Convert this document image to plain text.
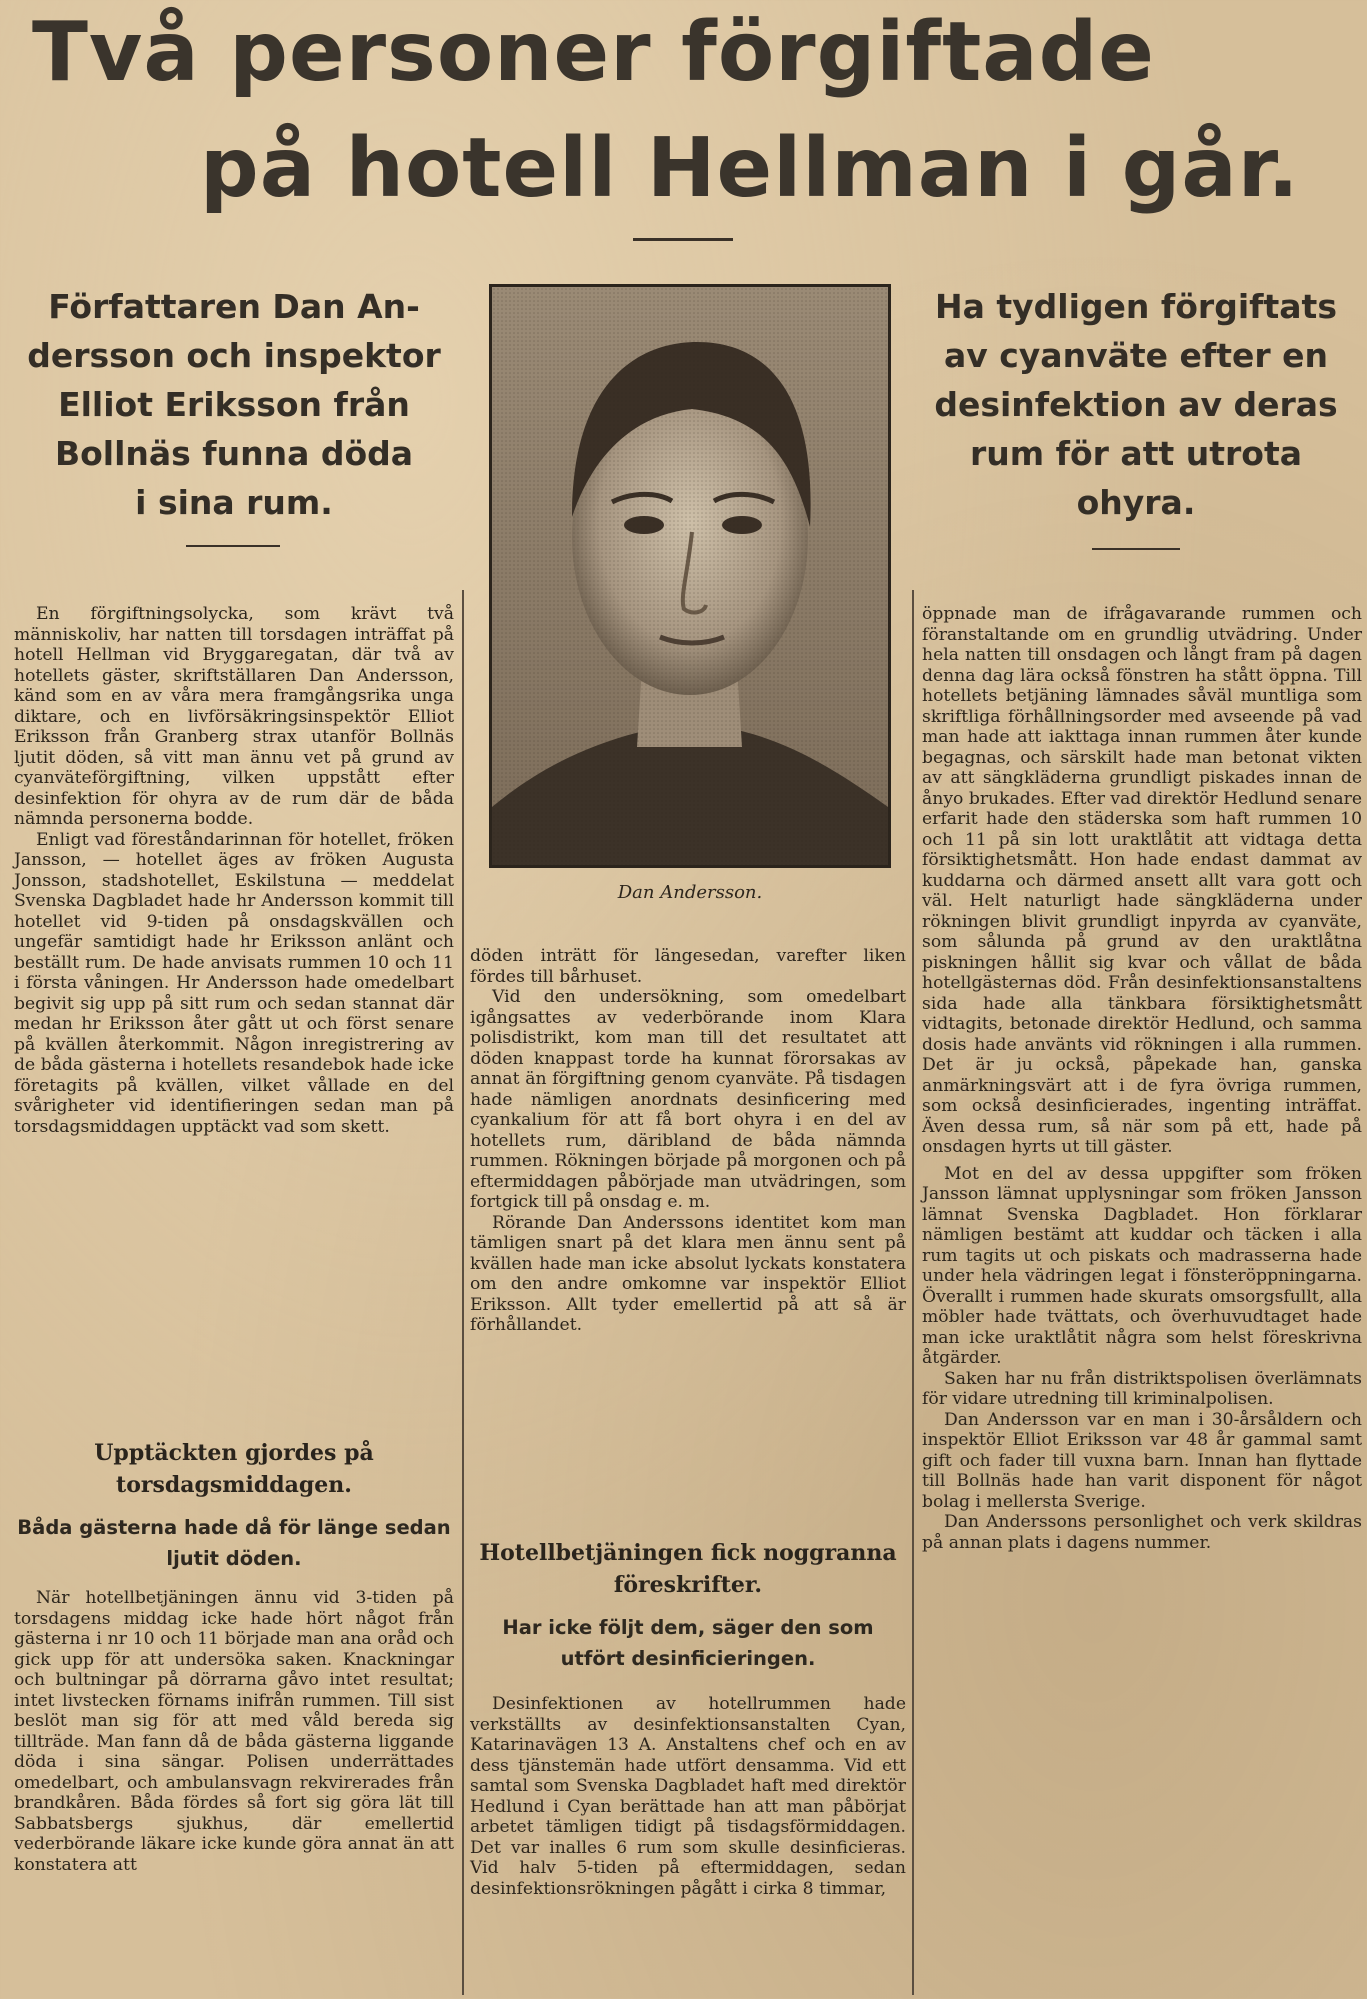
Två personer förgiftade
på hotell Hellman i går.
Författaren Dan An-
dersson och inspektor
Elliot Eriksson från
Bollnäs funna döda
i sina rum.
Ha tydligen förgiftats
av cyanväte efter en
desinfektion av deras
rum för att utrota
ohyra.
Dan Andersson.

En förgiftningsolycka, som krävt två människoliv, har natten till torsdagen inträffat på hotell Hellman vid Bryggaregatan, där två av hotellets gäster, skriftställaren Dan Andersson, känd som en av våra mera framgångsrika unga diktare, och en livförsäkringsinspektör Elliot Eriksson från Granberg strax utanför Bollnäs ljutit döden, så vitt man ännu vet på grund av cyanväteförgiftning, vilken uppstått efter desinfektion för ohyra av de rum där de båda nämnda personerna bodde.

Enligt vad föreståndarinnan för hotellet, fröken Jansson, — hotellet äges av fröken Augusta Jonsson, stadshotellet, Eskilstuna — meddelat Svenska Dagbladet hade hr Andersson kommit till hotellet vid 9-tiden på onsdagskvällen och ungefär samtidigt hade hr Eriksson anlänt och beställt rum. De hade anvisats rummen 10 och 11 i första våningen. Hr Andersson hade omedelbart begivit sig upp på sitt rum och sedan stannat där medan hr Eriksson åter gått ut och först senare på kvällen återkommit. Någon inregistrering av de båda gästerna i hotellets resandebok hade icke företagits på kvällen, vilket vållade en del svårigheter vid identifieringen sedan man på torsdagsmiddagen upptäckt vad som skett.

Upptäckten gjordes på torsdagsmiddagen.
Båda gästerna hade då för länge sedan ljutit döden.

När hotellbetjäningen ännu vid 3-tiden på torsdagens middag icke hade hört något från gästerna i nr 10 och 11 började man ana oråd och gick upp för att undersöka saken. Knackningar och bultningar på dörrarna gåvo intet resultat; intet livstecken förnams inifrån rummen. Till sist beslöt man sig för att med våld bereda sig tillträde. Man fann då de båda gästerna liggande döda i sina sängar. Polisen underrättades omedelbart, och ambulansvagn rekvirerades från brandkåren. Båda fördes så fort sig göra lät till Sabbatsbergs sjukhus, där emellertid vederbörande läkare icke kunde göra annat än att konstatera att

döden inträtt för längesedan, varefter liken fördes till bårhuset.

Vid den undersökning, som omedelbart igångsattes av vederbörande inom Klara polisdistrikt, kom man till det resultatet att döden knappast torde ha kunnat förorsakas av annat än förgiftning genom cyanväte. På tisdagen hade nämligen anordnats desinficering med cyankalium för att få bort ohyra i en del av hotellets rum, däribland de båda nämnda rummen. Rökningen började på morgonen och på eftermiddagen påbörjade man utvädringen, som fortgick till på onsdag e. m.

Rörande Dan Anderssons identitet kom man tämligen snart på det klara men ännu sent på kvällen hade man icke absolut lyckats konstatera om den andre omkomne var inspektör Elliot Eriksson. Allt tyder emellertid på att så är förhållandet.

Hotellbetjäningen fick noggranna föreskrifter.
Har icke följt dem, säger den som utfört desinficieringen.

Desinfektionen av hotellrummen hade verkställts av desinfektionsanstalten Cyan, Katarinavägen 13 A. Anstaltens chef och en av dess tjänstemän hade utfört densamma. Vid ett samtal som Svenska Dagbladet haft med direktör Hedlund i Cyan berättade han att man påbörjat arbetet tämligen tidigt på tisdagsförmiddagen. Det var inalles 6 rum som skulle desinficieras. Vid halv 5-tiden på eftermiddagen, sedan desinfektionsrökningen pågått i cirka 8 timmar,

öppnade man de ifrågavarande rummen och föranstaltande om en grundlig utvädring. Under hela natten till onsdagen och långt fram på dagen denna dag lära också fönstren ha stått öppna. Till hotellets betjäning lämnades såväl muntliga som skriftliga förhållningsorder med avseende på vad man hade att iakttaga innan rummen åter kunde begagnas, och särskilt hade man betonat vikten av att sängkläderna grundligt piskades innan de ånyo brukades. Efter vad direktör Hedlund senare erfarit hade den städerska som haft rummen 10 och 11 på sin lott uraktlåtit att vidtaga detta försiktighetsmått. Hon hade endast dammat av kuddarna och därmed ansett allt vara gott och väl. Helt naturligt hade sängkläderna under rökningen blivit grundligt inpyrda av cyanväte, som sålunda på grund av den uraktlåtna piskningen hållit sig kvar och vållat de båda hotellgästernas död. Från desinfektionsanstaltens sida hade alla tänkbara försiktighetsmått vidtagits, betonade direktör Hedlund, och samma dosis hade använts vid rökningen i alla rummen. Det är ju också, påpekade han, ganska anmärkningsvärt att i de fyra övriga rummen, som också desinficierades, ingenting inträffat. Även dessa rum, så när som på ett, hade på onsdagen hyrts ut till gäster.

Mot en del av dessa uppgifter som fröken Jansson lämnat upplysningar som fröken Jansson lämnat Svenska Dagbladet. Hon förklarar nämligen bestämt att kuddar och täcken i alla rum tagits ut och piskats och madrasserna hade under hela vädringen legat i fönsteröppningarna. Överallt i rummen hade skurats omsorgsfullt, alla möbler hade tvättats, och överhuvudtaget hade man icke uraktlåtit några som helst föreskrivna åtgärder.

Saken har nu från distriktspolisen överlämnats för vidare utredning till kriminalpolisen.

Dan Andersson var en man i 30-årsåldern och inspektör Elliot Eriksson var 48 år gammal samt gift och fader till vuxna barn. Innan han flyttade till Bollnäs hade han varit disponent för något bolag i mellersta Sverige.

Dan Anderssons personlighet och verk skildras på annan plats i dagens nummer.
